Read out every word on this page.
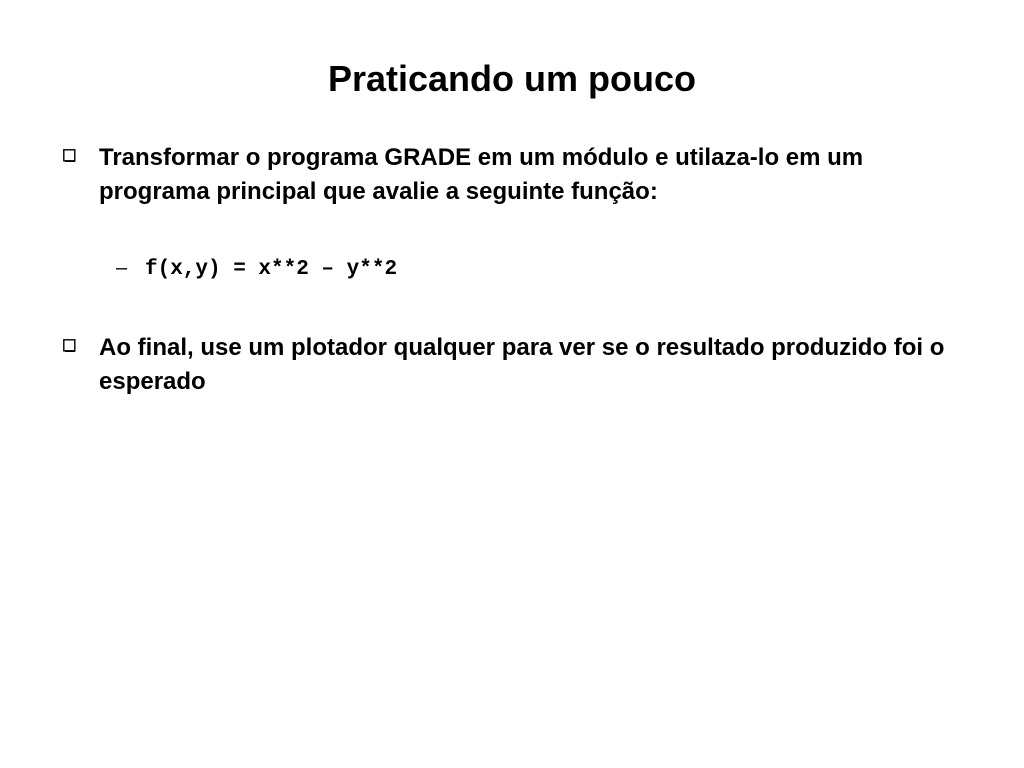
Praticando um pouco
Transformar o programa GRADE em um módulo e utilaza-lo em um programa principal que avalie a seguinte função:
– f(x,y) = x**2 – y**2
Ao final, use um plotador qualquer para ver se o resultado produzido foi o esperado
